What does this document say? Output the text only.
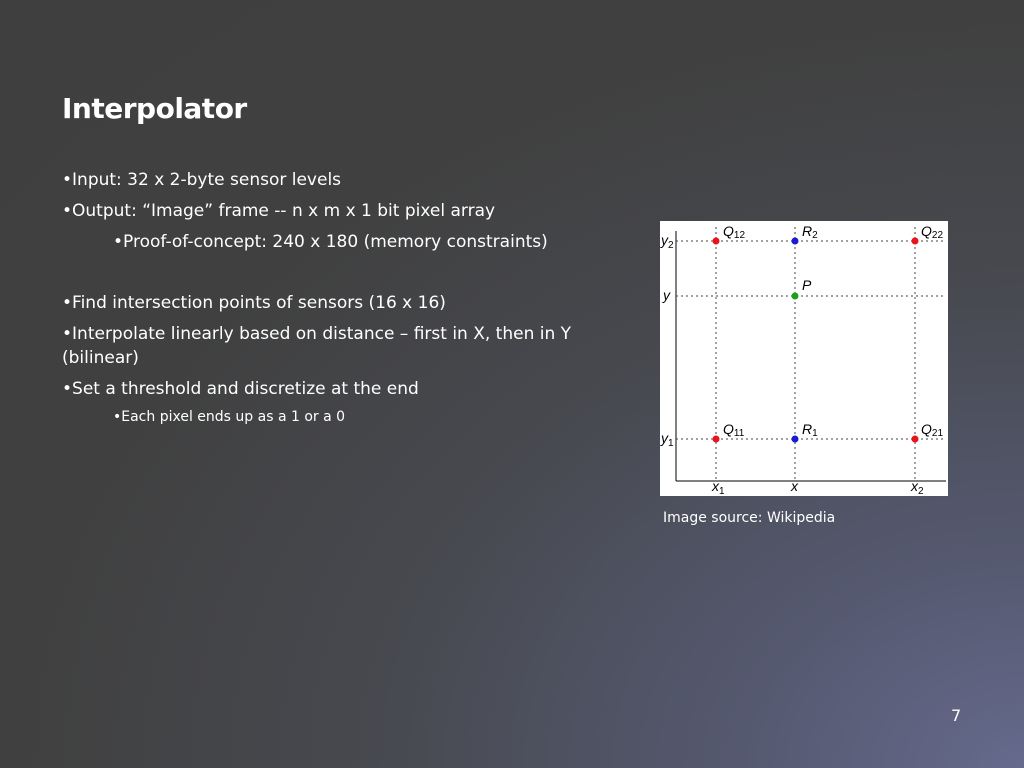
Interpolator

•Input: 32 x 2-byte sensor levels

•Output: “Image” frame -- n x m x 1 bit pixel array

•Proof-of-concept: 240 x 180 (memory constraints)

•Find intersection points of sensors (16 x 16)

•Interpolate linearly based on distance – first in X, then in Y (bilinear)

•Set a threshold and discretize at the end

•Each pixel ends up as a 1 or a 0

Q12	R2	Q22
P
Q11	R1	Q21
$y_2$
y
$y_1$
$x_1$	x	$x_2$
Image source: Wikipedia
7
